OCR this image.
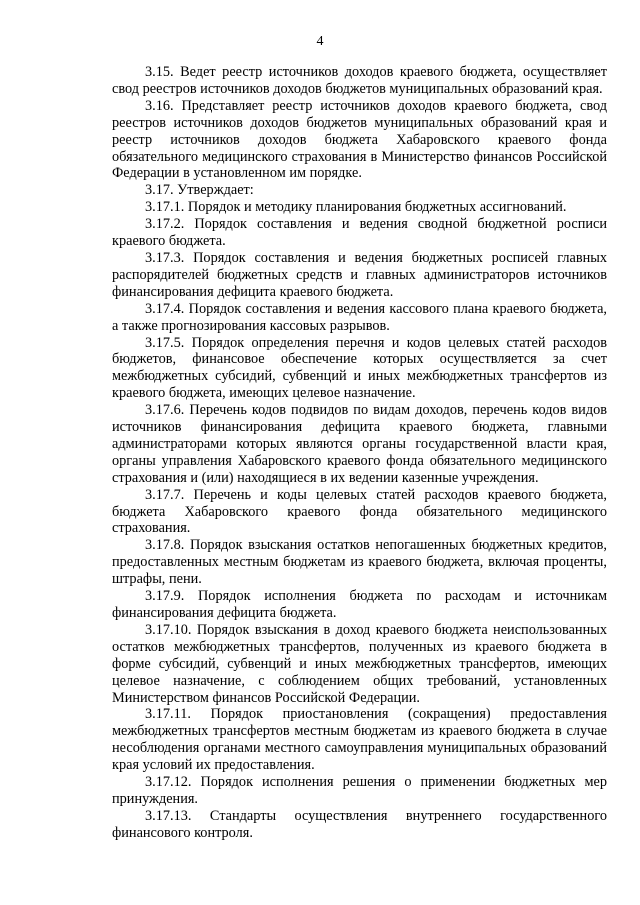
4

3.15. Ведет реестр источников доходов краевого бюджета, осуществляет свод реестров источников доходов бюджетов муниципальных образований края.

3.16. Представляет реестр источников доходов краевого бюджета, свод реестров источников доходов бюджетов муниципальных образований края и реестр источников доходов бюджета Хабаровского краевого фонда обязательного медицинского страхования в Министерство финансов Российской Федерации в установленном им порядке.

3.17. Утверждает:

3.17.1. Порядок и методику планирования бюджетных ассигнований.

3.17.2. Порядок составления и ведения сводной бюджетной росписи краевого бюджета.

3.17.3. Порядок составления и ведения бюджетных росписей главных распорядителей бюджетных средств и главных администраторов источников финансирования дефицита краевого бюджета.

3.17.4. Порядок составления и ведения кассового плана краевого бюджета, а также прогнозирования кассовых разрывов.

3.17.5. Порядок определения перечня и кодов целевых статей расходов бюджетов, финансовое обеспечение которых осуществляется за счет межбюджетных субсидий, субвенций и иных межбюджетных трансфертов из краевого бюджета, имеющих целевое назначение.

3.17.6. Перечень кодов подвидов по видам доходов, перечень кодов видов источников финансирования дефицита краевого бюджета, главными администраторами которых являются органы государственной власти края, органы управления Хабаровского краевого фонда обязательного медицинского страхования и (или) находящиеся в их ведении казенные учреждения.

3.17.7. Перечень и коды целевых статей расходов краевого бюджета, бюджета Хабаровского краевого фонда обязательного медицинского страхования.

3.17.8. Порядок взыскания остатков непогашенных бюджетных кредитов, предоставленных местным бюджетам из краевого бюджета, включая проценты, штрафы, пени.

3.17.9. Порядок исполнения бюджета по расходам и источникам финансирования дефицита бюджета.

3.17.10. Порядок взыскания в доход краевого бюджета неиспользованных остатков межбюджетных трансфертов, полученных из краевого бюджета в форме субсидий, субвенций и иных межбюджетных трансфертов, имеющих целевое назначение, с соблюдением общих требований, установленных Министерством финансов Российской Федерации.

3.17.11. Порядок приостановления (сокращения) предоставления межбюджетных трансфертов местным бюджетам из краевого бюджета в случае несоблюдения органами местного самоуправления муниципальных образований края условий их предоставления.

3.17.12. Порядок исполнения решения о применении бюджетных мер принуждения.

3.17.13. Стандарты осуществления внутреннего государственного финансового контроля.
